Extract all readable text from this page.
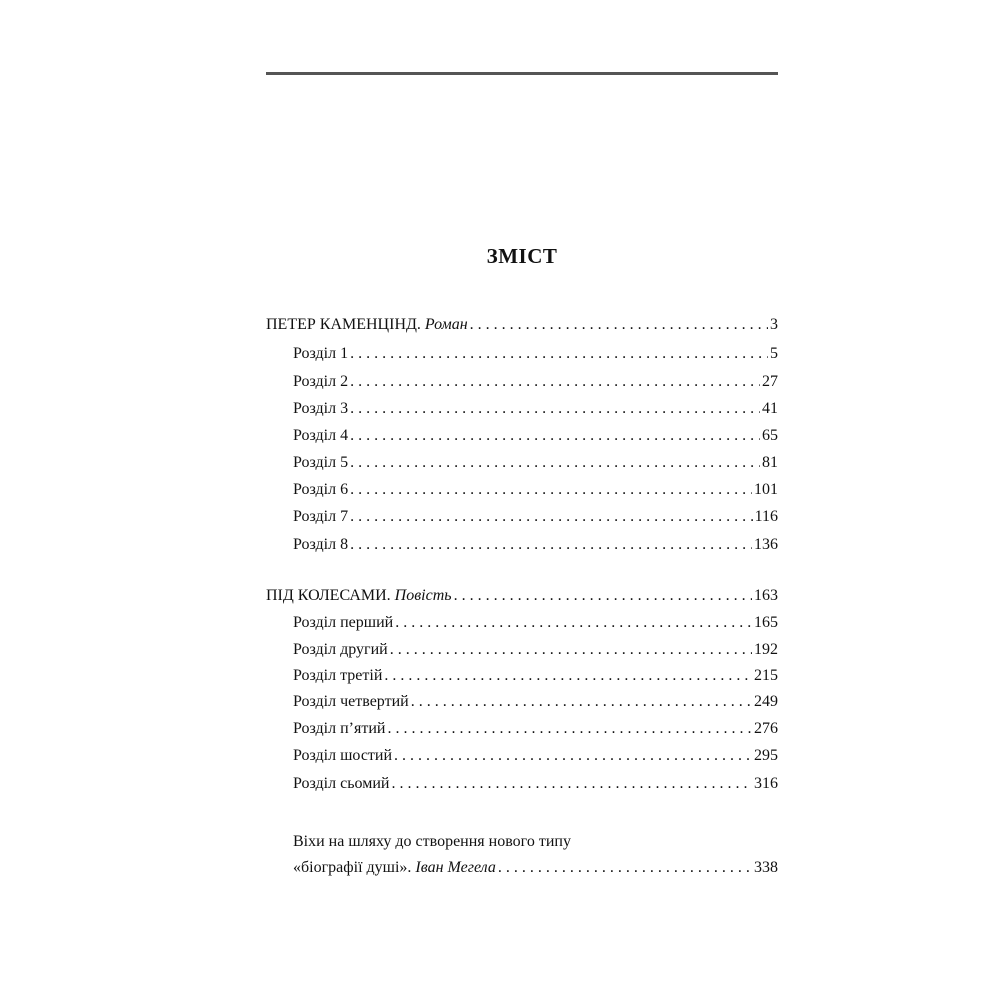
ЗМІСТ
ПЕТЕР КАМЕНЦІНД. Роман . . .	3
Розділ 1 . . .	5
Розділ 2 . . .	27
Розділ 3 . . .	41
Розділ 4 . . .	65
Розділ 5 . . .	81
Розділ 6 . . .	101
Розділ 7 . . .	116
Розділ 8 . . .	136
ПІД КОЛЕСАМИ. Повість . . .	163
Розділ перший . . .	165
Розділ другий . . .	192
Розділ третій . . .	215
Розділ четвертий . . .	249
Розділ п’ятий . . .	276
Розділ шостий . . .	295
Розділ сьомий . . .	316
Віхи на шляху до створення нового типу
«біографії душі». Іван Мегела . . .	338
